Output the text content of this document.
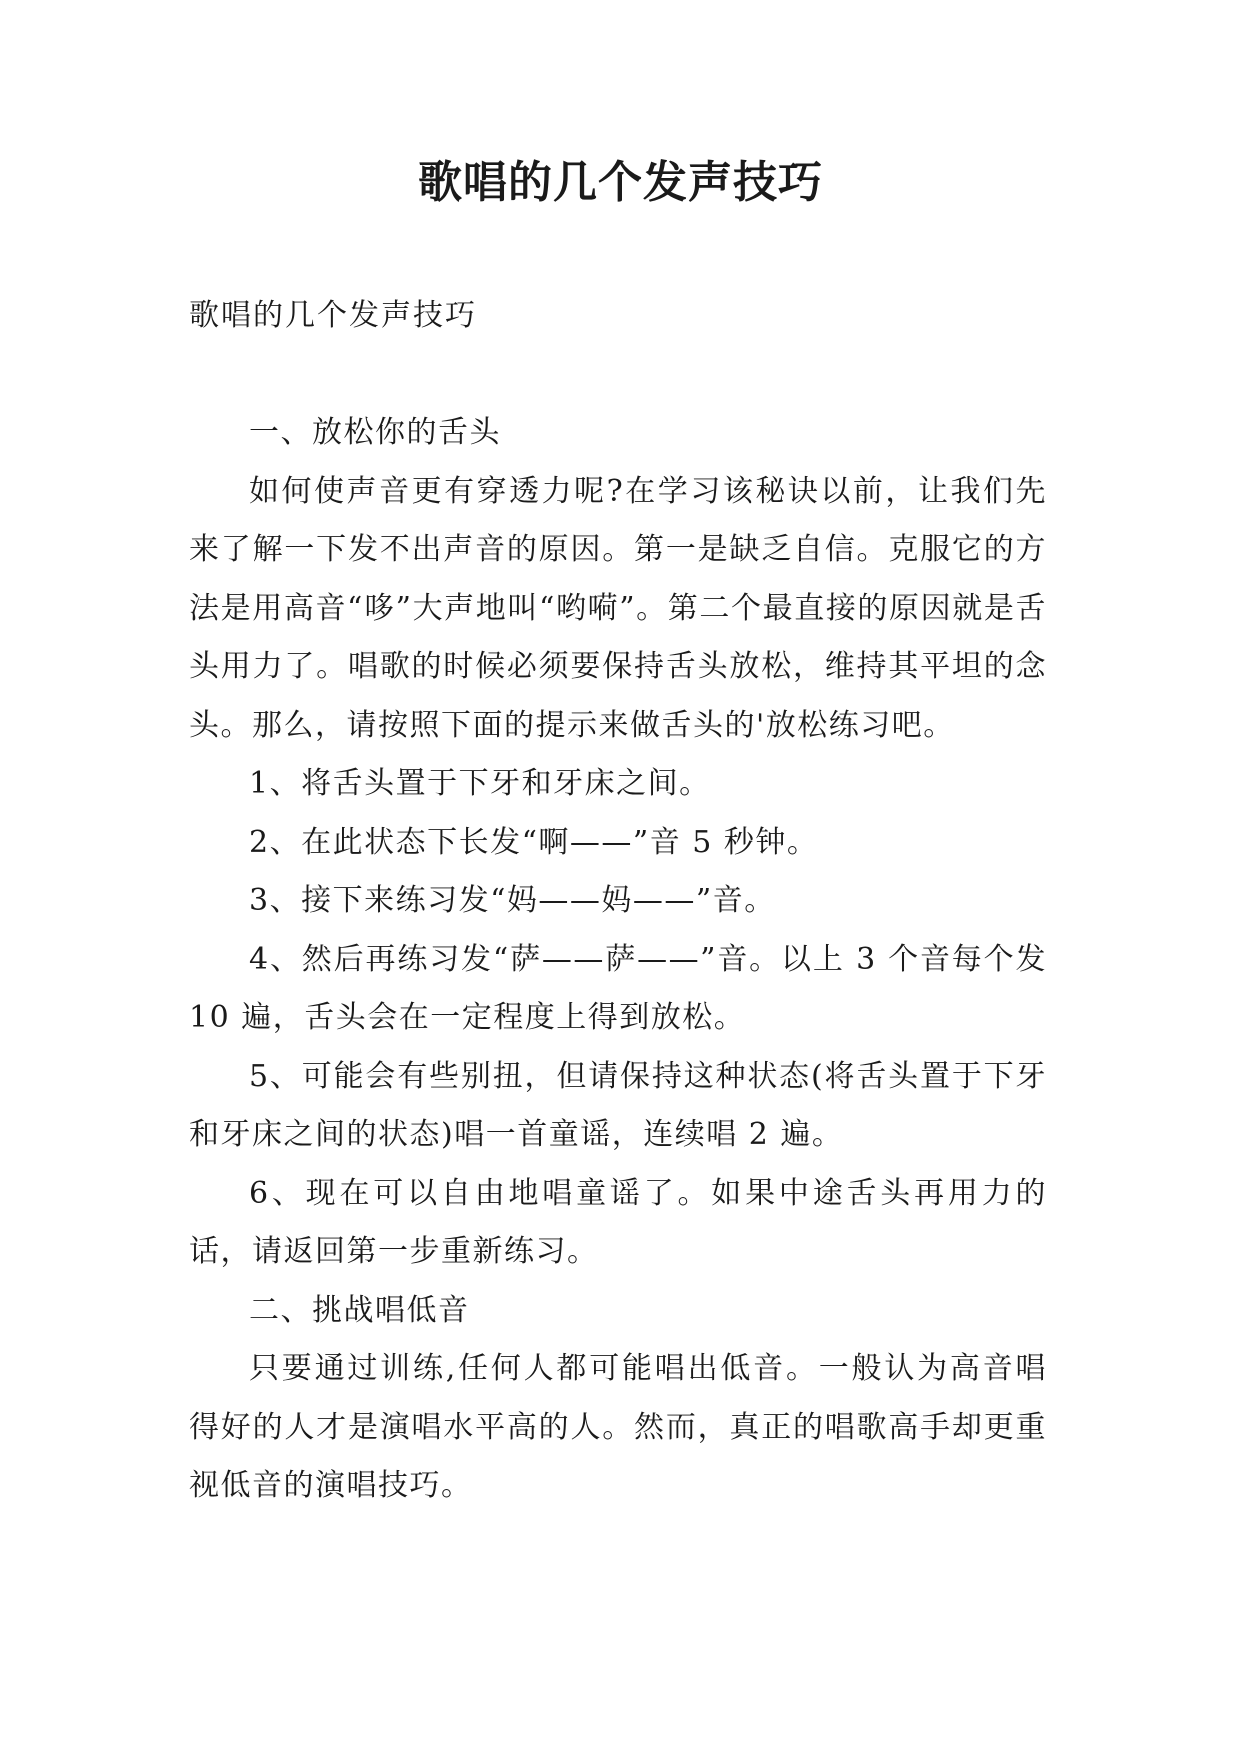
歌唱的几个发声技巧
歌唱的几个发声技巧

一、放松你的舌头

如何使声音更有穿透力呢?在学习该秘诀以前，让我们先来了解一下发不出声音的原因。第一是缺乏自信。克服它的方法是用高音“哆”大声地叫“哟嗬”。第二个最直接的原因就是舌头用力了。唱歌的时候必须要保持舌头放松，维持其平坦的念头。那么，请按照下面的提示来做舌头的'放松练习吧。

1、将舌头置于下牙和牙床之间。

2、在此状态下长发“啊——”音 5 秒钟。

3、接下来练习发“妈——妈——”音。

4、然后再练习发“萨——萨——”音。以上 3 个音每个发 10 遍，舌头会在一定程度上得到放松。

5、可能会有些别扭，但请保持这种状态(将舌头置于下牙和牙床之间的状态)唱一首童谣，连续唱 2 遍。

6、现在可以自由地唱童谣了。如果中途舌头再用力的话，请返回第一步重新练习。

二、挑战唱低音

只要通过训练,任何人都可能唱出低音。一般认为高音唱得好的人才是演唱水平高的人。然而，真正的唱歌高手却更重视低音的演唱技巧。
